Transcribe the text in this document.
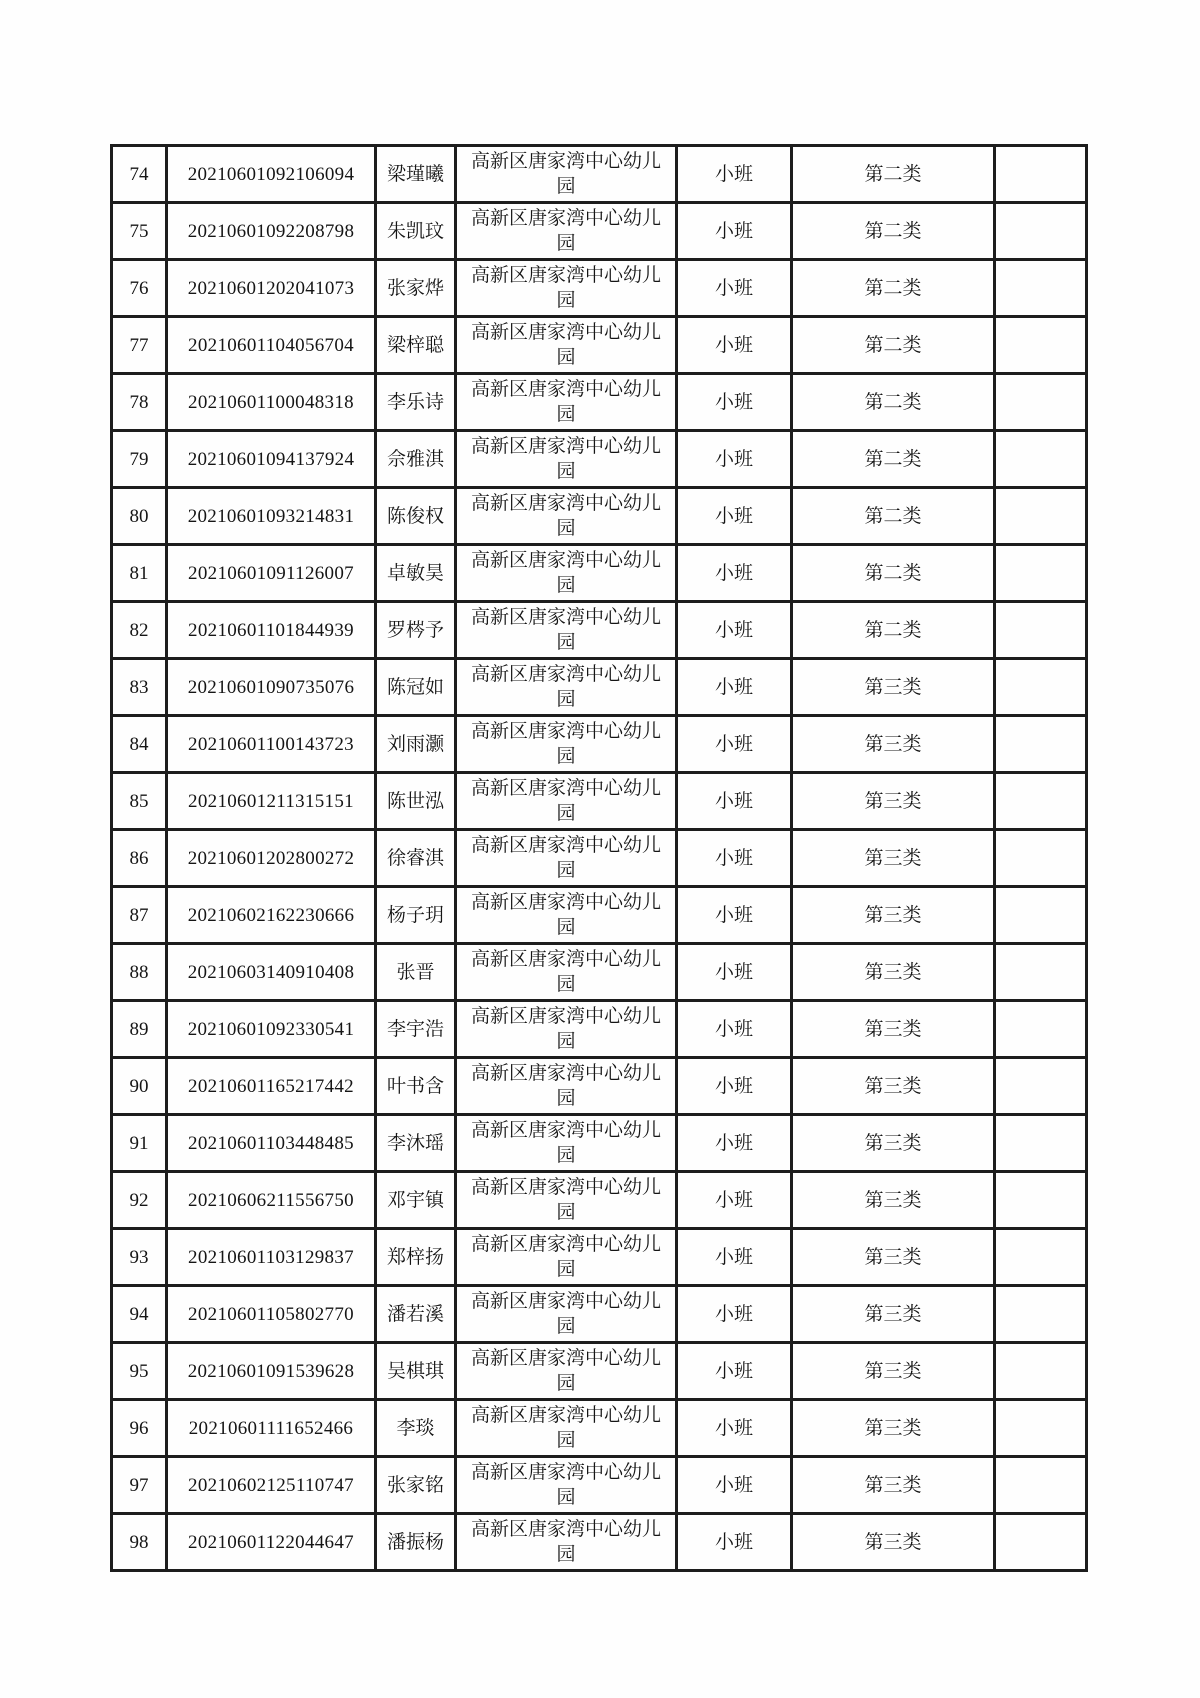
74	20210601092106094	梁瑾曦	高新区唐家湾中心幼儿园	小班	第二类	
75	20210601092208798	朱凯玟	高新区唐家湾中心幼儿园	小班	第二类	
76	20210601202041073	张家烨	高新区唐家湾中心幼儿园	小班	第二类	
77	20210601104056704	梁梓聪	高新区唐家湾中心幼儿园	小班	第二类	
78	20210601100048318	李乐诗	高新区唐家湾中心幼儿园	小班	第二类	
79	20210601094137924	佘雅淇	高新区唐家湾中心幼儿园	小班	第二类	
80	20210601093214831	陈俊权	高新区唐家湾中心幼儿园	小班	第二类	
81	20210601091126007	卓敏昊	高新区唐家湾中心幼儿园	小班	第二类	
82	20210601101844939	罗梣予	高新区唐家湾中心幼儿园	小班	第二类	
83	20210601090735076	陈冠如	高新区唐家湾中心幼儿园	小班	第三类	
84	20210601100143723	刘雨灏	高新区唐家湾中心幼儿园	小班	第三类	
85	20210601211315151	陈世泓	高新区唐家湾中心幼儿园	小班	第三类	
86	20210601202800272	徐睿淇	高新区唐家湾中心幼儿园	小班	第三类	
87	20210602162230666	杨子玥	高新区唐家湾中心幼儿园	小班	第三类	
88	20210603140910408	张晋	高新区唐家湾中心幼儿园	小班	第三类	
89	20210601092330541	李宇浩	高新区唐家湾中心幼儿园	小班	第三类	
90	20210601165217442	叶书含	高新区唐家湾中心幼儿园	小班	第三类	
91	20210601103448485	李沐瑶	高新区唐家湾中心幼儿园	小班	第三类	
92	20210606211556750	邓宇镇	高新区唐家湾中心幼儿园	小班	第三类	
93	20210601103129837	郑梓扬	高新区唐家湾中心幼儿园	小班	第三类	
94	20210601105802770	潘若溪	高新区唐家湾中心幼儿园	小班	第三类	
95	20210601091539628	吴棋琪	高新区唐家湾中心幼儿园	小班	第三类	
96	20210601111652466	李琰	高新区唐家湾中心幼儿园	小班	第三类	
97	20210602125110747	张家铭	高新区唐家湾中心幼儿园	小班	第三类	
98	20210601122044647	潘振杨	高新区唐家湾中心幼儿园	小班	第三类	
